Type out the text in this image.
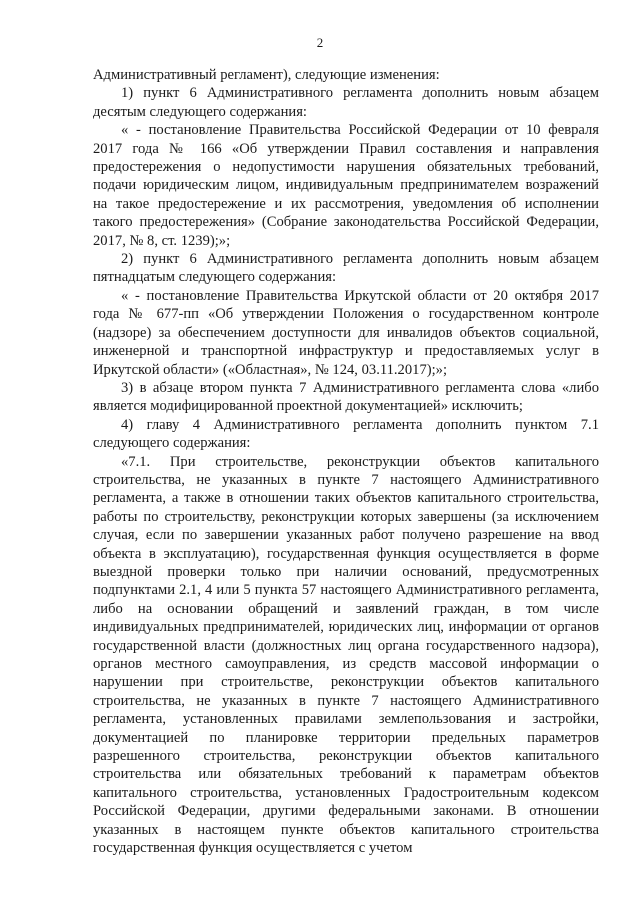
2

Административный регламент), следующие изменения:

1) пункт 6 Административного регламента дополнить новым абзацем десятым следующего содержания:

« - постановление Правительства Российской Федерации от 10 февраля 2017 года № 166 «Об утверждении Правил составления и направления предостережения о недопустимости нарушения обязательных требований, подачи юридическим лицом, индивидуальным предпринимателем возражений на такое предостережение и их рассмотрения, уведомления об исполнении такого предостережения» (Собрание законодательства Российской Федерации, 2017, № 8, ст. 1239);»;

2) пункт 6 Административного регламента дополнить новым абзацем пятнадцатым следующего содержания:

« - постановление Правительства Иркутской области от 20 октября 2017 года № 677-пп «Об утверждении Положения о государственном контроле (надзоре) за обеспечением доступности для инвалидов объектов социальной, инженерной и транспортной инфраструктур и предоставляемых услуг в Иркутской области» («Областная», № 124, 03.11.2017);»;

3) в абзаце втором пункта 7 Административного регламента слова «либо является модифицированной проектной документацией» исключить;

4) главу 4 Административного регламента дополнить пунктом 7.1 следующего содержания:

«7.1. При строительстве, реконструкции объектов капитального строительства, не указанных в пункте 7 настоящего Административного регламента, а также в отношении таких объектов капитального строительства, работы по строительству, реконструкции которых завершены (за исключением случая, если по завершении указанных работ получено разрешение на ввод объекта в эксплуатацию), государственная функция осуществляется в форме выездной проверки только при наличии оснований, предусмотренных подпунктами 2.1, 4 или 5 пункта 57 настоящего Административного регламента, либо на основании обращений и заявлений граждан, в том числе индивидуальных предпринимателей, юридических лиц, информации от органов государственной власти (должностных лиц органа государственного надзора), органов местного самоуправления, из средств массовой информации о нарушении при строительстве, реконструкции объектов капитального строительства, не указанных в пункте 7 настоящего Административного регламента, установленных правилами землепользования и застройки, документацией по планировке территории предельных параметров разрешенного строительства, реконструкции объектов капитального строительства или обязательных требований к параметрам объектов капитального строительства, установленных Градостроительным кодексом Российской Федерации, другими федеральными законами. В отношении указанных в настоящем пункте объектов капитального строительства государственная функция осуществляется с учетом
